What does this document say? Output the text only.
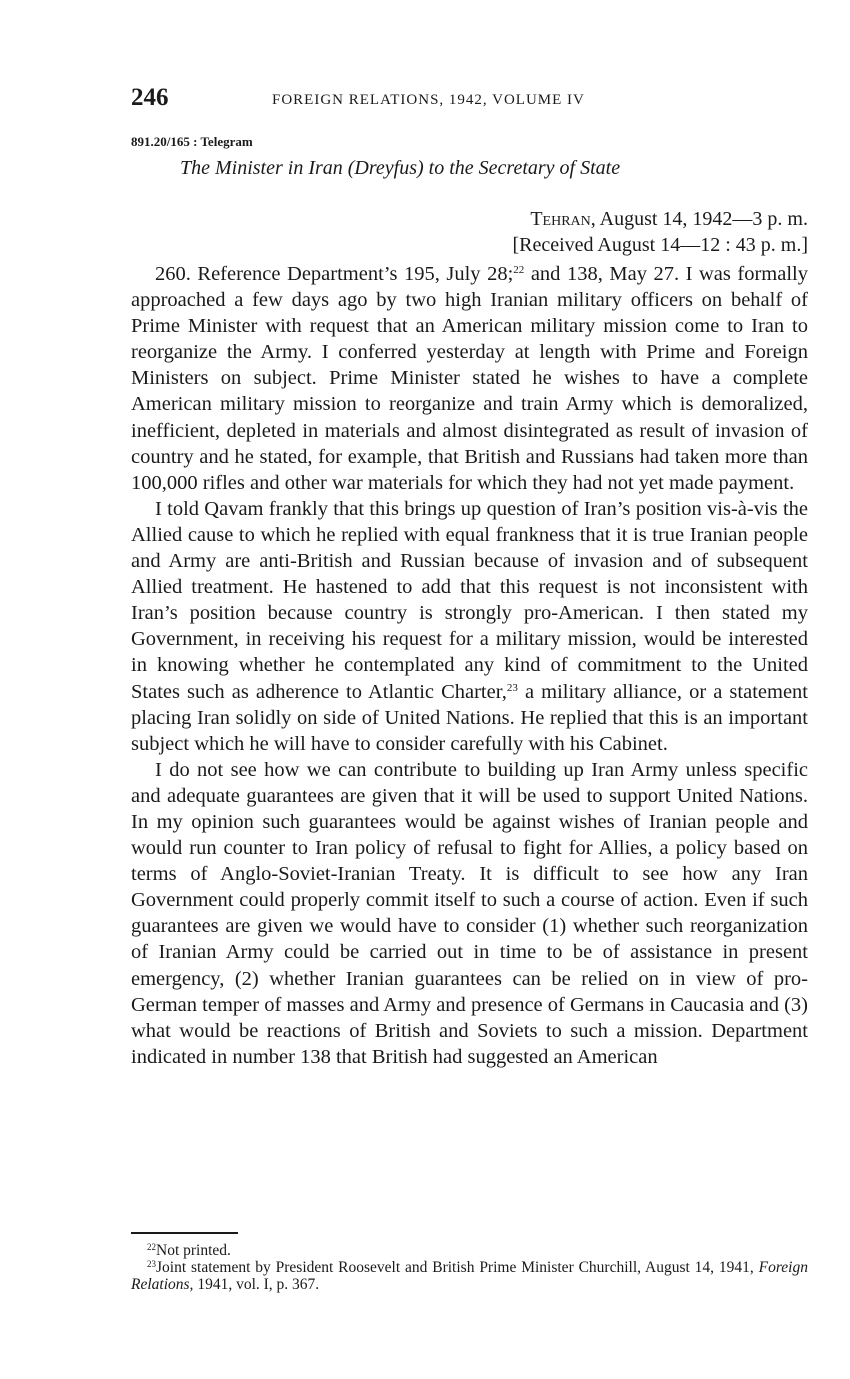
246	FOREIGN RELATIONS, 1942, VOLUME IV
891.20/165 : Telegram
The Minister in Iran (Dreyfus) to the Secretary of State
Tehran, August 14, 1942—3 p. m.
[Received August 14—12 : 43 p. m.]

260. Reference Department’s 195, July 28;$^{22}$ and 138, May 27. I was formally approached a few days ago by two high Iranian military officers on behalf of Prime Minister with request that an American military mission come to Iran to reorganize the Army. I conferred yesterday at length with Prime and Foreign Ministers on subject. Prime Minister stated he wishes to have a complete American military mission to reorganize and train Army which is demoralized, inefficient, depleted in materials and almost disintegrated as result of invasion of country and he stated, for example, that British and Russians had taken more than 100,000 rifles and other war materials for which they had not yet made payment.

I told Qavam frankly that this brings up question of Iran’s position vis-à-vis the Allied cause to which he replied with equal frankness that it is true Iranian people and Army are anti-British and Russian because of invasion and of subsequent Allied treatment. He hastened to add that this request is not inconsistent with Iran’s position because country is strongly pro-American. I then stated my Government, in receiving his request for a military mission, would be interested in knowing whether he contemplated any kind of commitment to the United States such as adherence to Atlantic Charter,$^{23}$ a military alliance, or a statement placing Iran solidly on side of United Nations. He replied that this is an important subject which he will have to consider carefully with his Cabinet.

I do not see how we can contribute to building up Iran Army unless specific and adequate guarantees are given that it will be used to support United Nations. In my opinion such guarantees would be against wishes of Iranian people and would run counter to Iran policy of refusal to fight for Allies, a policy based on terms of Anglo-Soviet-Iranian Treaty. It is difficult to see how any Iran Government could properly commit itself to such a course of action. Even if such guarantees are given we would have to consider (1) whether such reorganization of Iranian Army could be carried out in time to be of assistance in present emergency, (2) whether Iranian guarantees can be relied on in view of pro-German temper of masses and Army and presence of Germans in Caucasia and (3) what would be reactions of British and Soviets to such a mission. Department indicated in number 138 that British had suggested an American

$^{22}$Not printed.

$^{23}$Joint statement by President Roosevelt and British Prime Minister Churchill, August 14, 1941, Foreign Relations, 1941, vol. I, p. 367.
